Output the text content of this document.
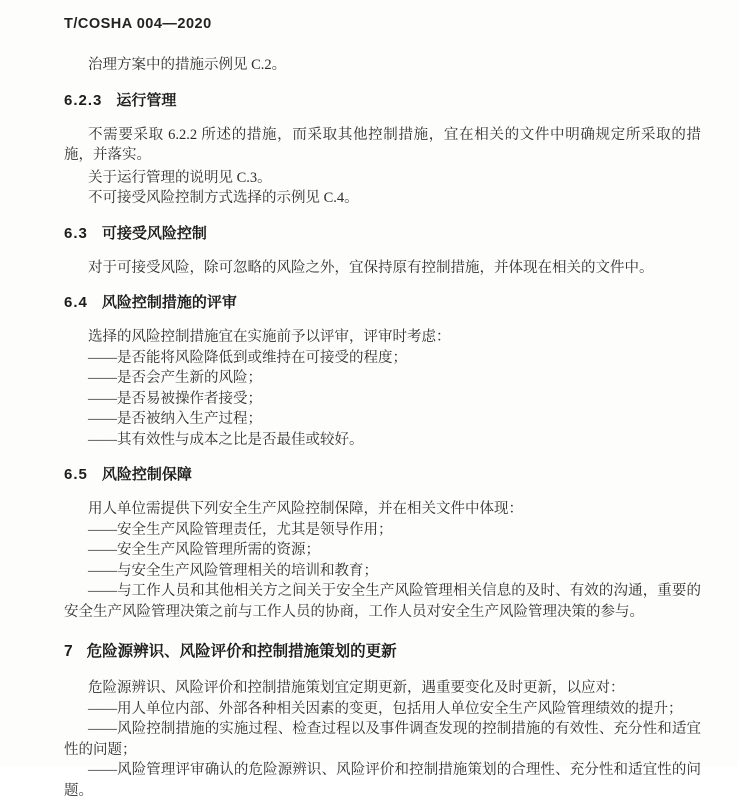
T/COSHA 004—2020

治理方案中的措施示例见 C.2。

6.2.3 运行管理

不需要采取 6.2.2 所述的措施，而采取其他控制措施，宜在相关的文件中明确规定所采取的措施，并落实。

关于运行管理的说明见 C.3。

不可接受风险控制方式选择的示例见 C.4。

6.3 可接受风险控制

对于可接受风险，除可忽略的风险之外，宜保持原有控制措施，并体现在相关的文件中。

6.4 风险控制措施的评审

选择的风险控制措施宜在实施前予以评审，评审时考虑：

——是否能将风险降低到或维持在可接受的程度；
——是否会产生新的风险；
——是否易被操作者接受；
——是否被纳入生产过程；
——其有效性与成本之比是否最佳或较好。
6.5 风险控制保障

用人单位需提供下列安全生产风险控制保障，并在相关文件中体现：

——安全生产风险管理责任，尤其是领导作用；
——安全生产风险管理所需的资源；
——与安全生产风险管理相关的培训和教育；
——与工作人员和其他相关方之间关于安全生产风险管理相关信息的及时、有效的沟通，重要的安全生产风险管理决策之前与工作人员的协商，工作人员对安全生产风险管理决策的参与。
7 危险源辨识、风险评价和控制措施策划的更新

危险源辨识、风险评价和控制措施策划宜定期更新，遇重要变化及时更新，以应对：

——用人单位内部、外部各种相关因素的变更，包括用人单位安全生产风险管理绩效的提升；
——风险控制措施的实施过程、检查过程以及事件调查发现的控制措施的有效性、充分性和适宜性的问题；
——风险管理评审确认的危险源辨识、风险评价和控制措施策划的合理性、充分性和适宜性的问题。
